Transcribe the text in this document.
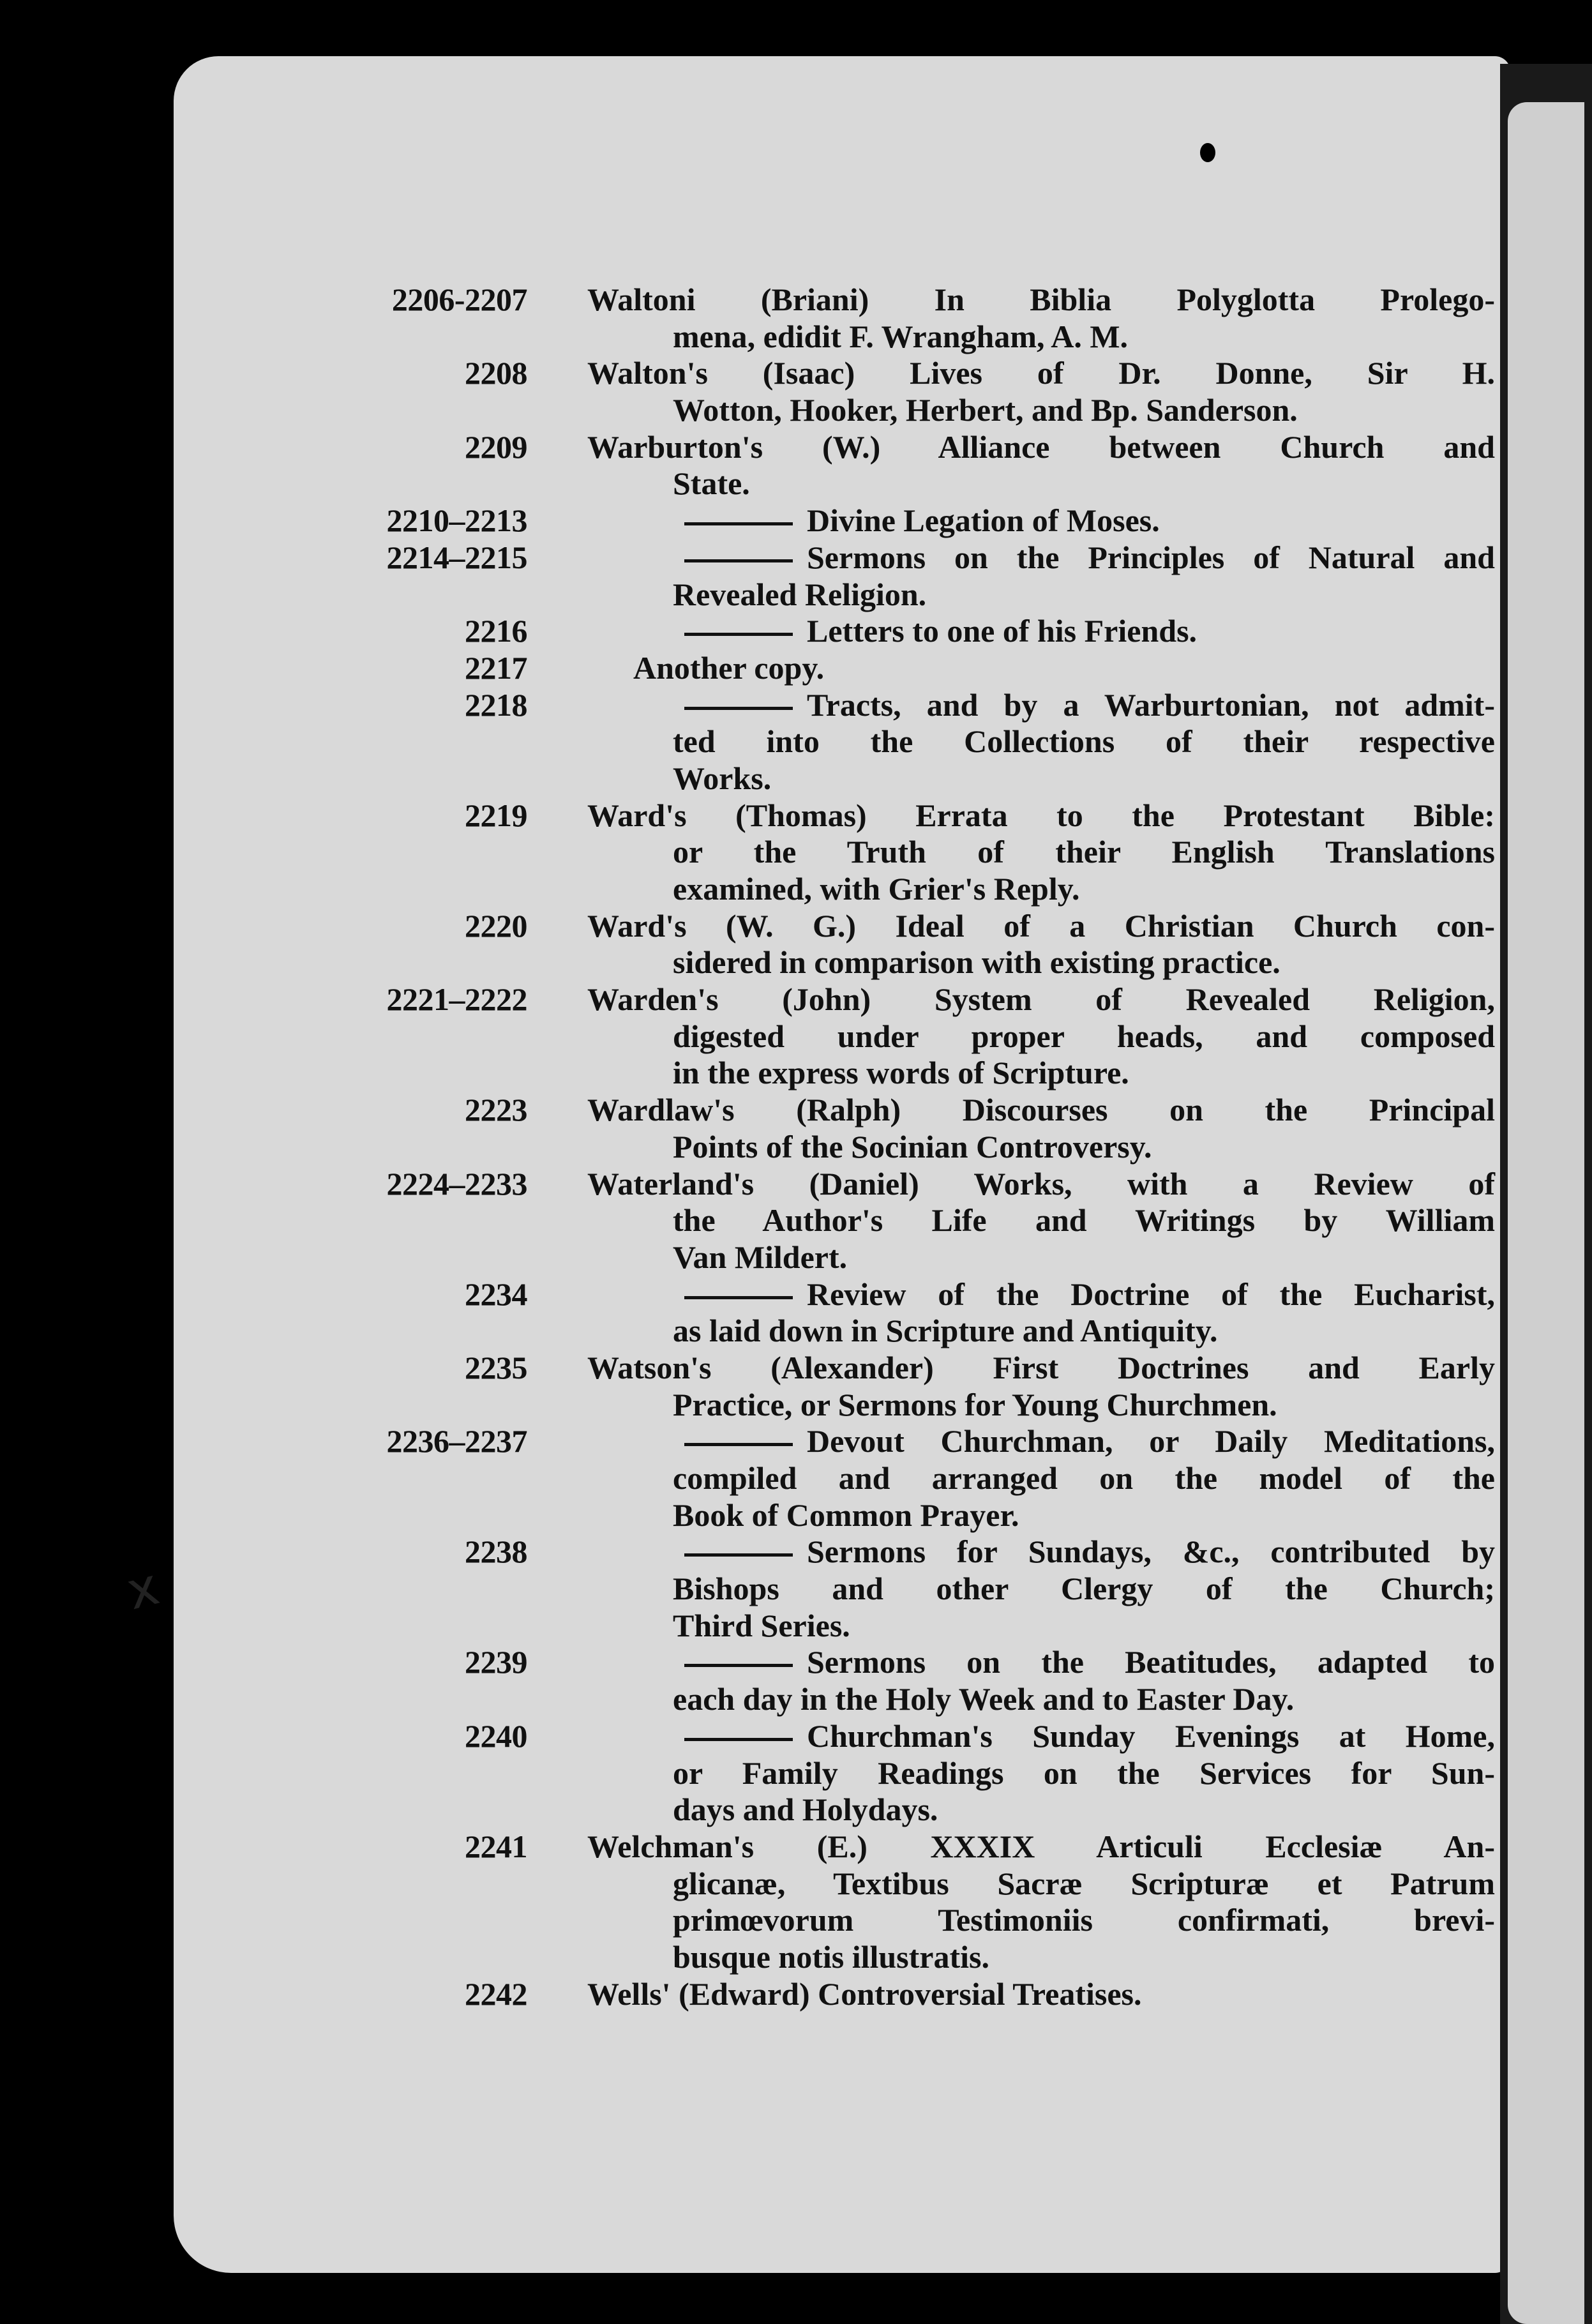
2206-2207 Waltoni (Briani) In Biblia Polyglotta Prolego-
mena, edidit F. Wrangham, A. M.
2208 Walton's (Isaac) Lives of Dr. Donne, Sir H.
Wotton, Hooker, Herbert, and Bp. Sanderson.
2209 Warburton's (W.) Alliance between Church and
State.
2210–2213	Divine Legation of Moses.
2214–2215	Sermons on the Principles of Natural and
Revealed Religion.
2216	Letters to one of his Friends.
2217	Another copy.
2218	Tracts, and by a Warburtonian, not admit-
ted into the Collections of their respective
Works.
2219 Ward's (Thomas) Errata to the Protestant Bible:
or the Truth of their English Translations
examined, with Grier's Reply.
2220 Ward's (W. G.) Ideal of a Christian Church con-
sidered in comparison with existing practice.
2221–2222 Warden's (John) System of Revealed Religion,
digested under proper heads, and composed
in the express words of Scripture.
2223 Wardlaw's (Ralph) Discourses on the Principal
Points of the Socinian Controversy.
2224–2233 Waterland's (Daniel) Works, with a Review of
the Author's Life and Writings by William
Van Mildert.
2234	Review of the Doctrine of the Eucharist,
as laid down in Scripture and Antiquity.
2235 Watson's (Alexander) First Doctrines and Early
Practice, or Sermons for Young Churchmen.
2236–2237	Devout Churchman, or Daily Meditations,
compiled and arranged on the model of the
Book of Common Prayer.
2238	Sermons for Sundays, &c., contributed by
Bishops and other Clergy of the Church;
Third Series.
2239	Sermons on the Beatitudes, adapted to
each day in the Holy Week and to Easter Day.
2240	Churchman's Sunday Evenings at Home,
or Family Readings on the Services for Sun-
days and Holydays.
2241 Welchman's (E.) XXXIX Articuli Ecclesiæ An-
glicanæ, Textibus Sacræ Scripturæ et Patrum
primœvorum Testimoniis confirmati, brevi-
busque notis illustratis.
2242 Wells' (Edward) Controversial Treatises.
x
